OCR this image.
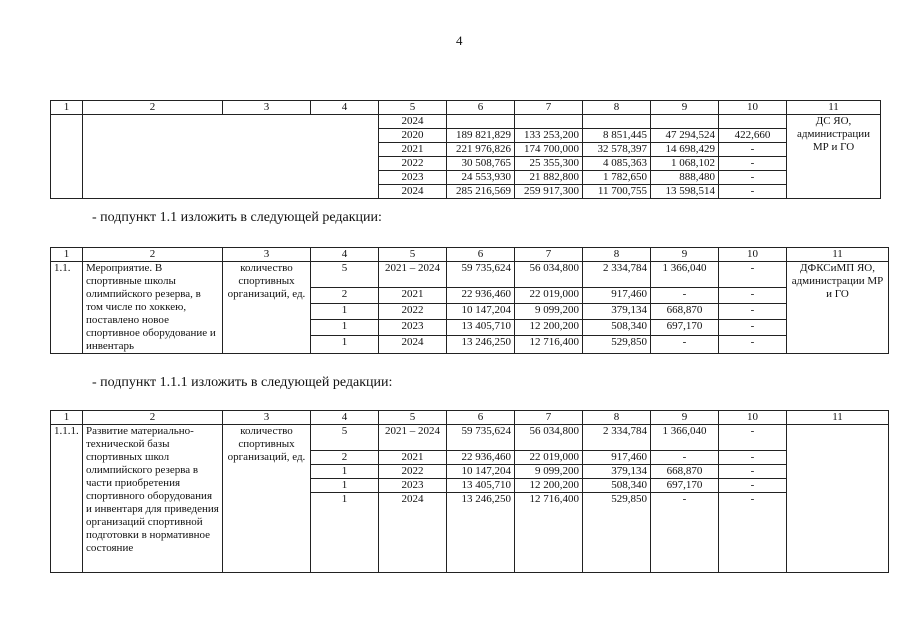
4
1	2	3	4	5	6	7	8	9	10	11
				2024						ДС ЯО, администрации МР и ГО
				2020	189 821,829	133 253,200	8 851,445	47 294,524	422,660	
				2021	221 976,826	174 700,000	32 578,397	14 698,429	-	
				2022	30 508,765	25 355,300	4 085,363	1 068,102	-	
				2023	24 553,930	21 882,800	1 782,650	888,480	-	
				2024	285 216,569	259 917,300	11 700,755	13 598,514	-	
- подпункт 1.1 изложить в следующей редакции:
1	2	3	4	5	6	7	8	9	10	11
1.1.	Мероприятие. В спортивные школы олимпийского резерва, в том числе по хоккею, поставлено новое спортивное оборудование и инвентарь	количество спортивных организаций, ед.	5	2021 – 2024	59 735,624	56 034,800	2 334,784	1 366,040	-	ДФКСиМП ЯО, администрации МР и ГО
			2	2021	22 936,460	22 019,000	917,460	-	-	
			1	2022	10 147,204	9 099,200	379,134	668,870	-	
			1	2023	13 405,710	12 200,200	508,340	697,170	-	
			1	2024	13 246,250	12 716,400	529,850	-	-	
- подпункт 1.1.1 изложить в следующей редакции:
1	2	3	4	5	6	7	8	9	10	11
1.1.1.	Развитие материально-технической базы спортивных школ олимпийского резерва в части приобретения спортивного оборудования и инвентаря для приведения организаций спортивной подготовки в нормативное состояние	количество спортивных организаций, ед.	5	2021 – 2024	59 735,624	56 034,800	2 334,784	1 366,040	-	
			2	2021	22 936,460	22 019,000	917,460	-	-	
			1	2022	10 147,204	9 099,200	379,134	668,870	-	
			1	2023	13 405,710	12 200,200	508,340	697,170	-	
			1	2024	13 246,250	12 716,400	529,850	-	-	
